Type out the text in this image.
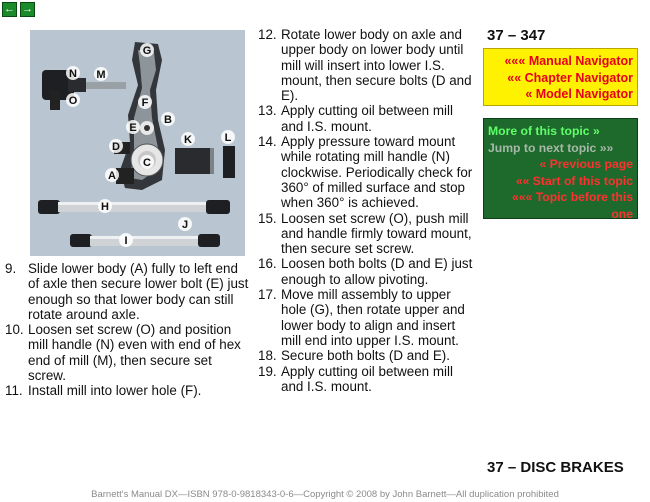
← →
G
N M
O	F
E
B
K	L
D
C
A
H
J
I
9. Slide lower body (A) fully to left end of axle then secure lower bolt (E) just enough so that lower body can still rotate around axle.
10. Loosen set screw (O) and position mill handle (N) even with end of hex end of mill (M), then secure set screw.
11. Install mill into lower hole (F).
12. Rotate lower body on axle and upper body on lower body until mill will insert into lower I.S. mount, then secure bolts (D and E).
13. Apply cutting oil between mill and I.S. mount.
14. Apply pressure toward mount while rotating mill handle (N) clockwise. Periodically check for 360° of milled surface and stop when 360° is achieved.
15. Loosen set screw (O), push mill and handle firmly toward mount, then secure set screw.
16. Loosen both bolts (D and E) just enough to allow pivoting.
17. Move mill assembly to upper hole (G), then rotate upper and lower body to align and insert mill end into upper I.S. mount.
18. Secure both bolts (D and E).
19. Apply cutting oil between mill and I.S. mount.
37 – 347
««« Manual Navigator
«« Chapter Navigator
« Model Navigator
More of this topic »
Jump to next topic »»
« Previous page
«« Start of this topic
««« Topic before this one
37 – DISC BRAKES
Barnett's Manual DX—ISBN 978-0-9818343-0-6—Copyright © 2008 by John Barnett—All duplication prohibited
